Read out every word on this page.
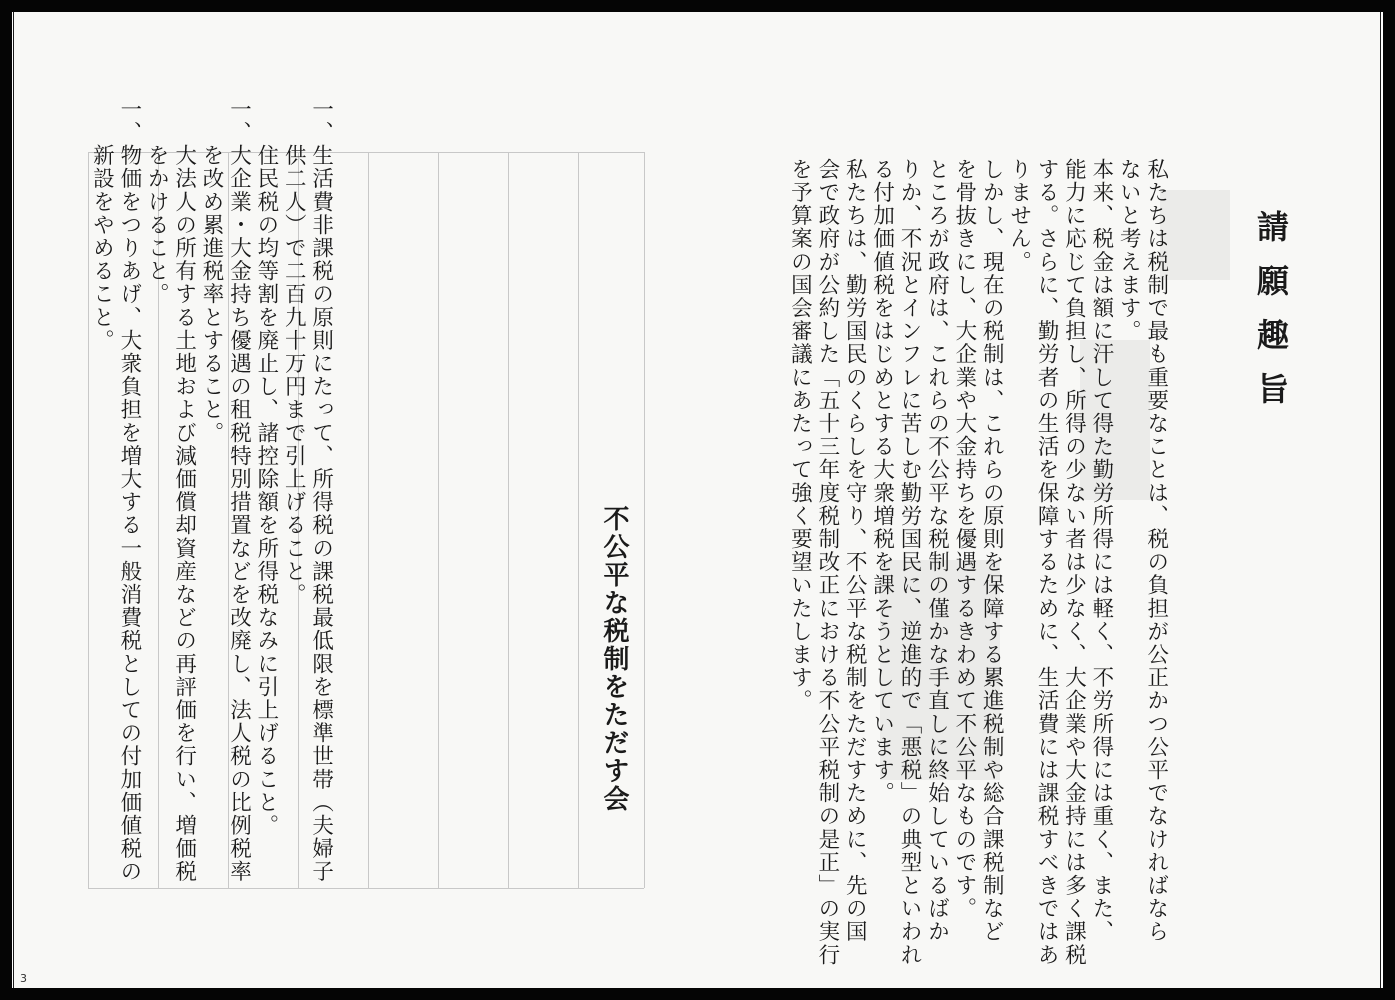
請願趣旨
私たちは税制で最も重要なことは、税の負担が公正かつ公平でなければなら
ないと考えます。
本来、税金は額に汗して得た勤労所得には軽く、不労所得には重く、また、
能力に応じて負担し、所得の少ない者は少なく、大企業や大金持には多く課税
する。さらに、勤労者の生活を保障するために、生活費には課税すべきではあ
りません。
しかし、現在の税制は、これらの原則を保障する累進税制や総合課税制など
を骨抜きにし、大企業や大金持ちを優遇するきわめて不公平なものです。
ところが政府は、これらの不公平な税制の僅かな手直しに終始しているばか
りか、不況とインフレに苦しむ勤労国民に、逆進的で「悪税」の典型といわれ
る付加価値税をはじめとする大衆増税を課そうとしています。
私たちは、勤労国民のくらしを守り、不公平な税制をただすために、先の国
会で政府が公約した「五十三年度税制改正における不公平税制の是正」の実行
を予算案の国会審議にあたって強く要望いたします。
不公平な税制をただす会
一、生活費非課税の原則にたって、所得税の課税最低限を標準世帯（夫婦子
　　供二人）で二百九十万円まで引上げること。
　　住民税の均等割を廃止し、諸控除額を所得税なみに引上げること。
一、大企業・大金持ち優遇の租税特別措置などを改廃し、法人税の比例税率
　　を改め累進税率とすること。
　　大法人の所有する土地および減価償却資産などの再評価を行い、増価税
　　をかけること。
一、物価をつりあげ、大衆負担を増大する一般消費税としての付加価値税の
　　新設をやめること。
3
